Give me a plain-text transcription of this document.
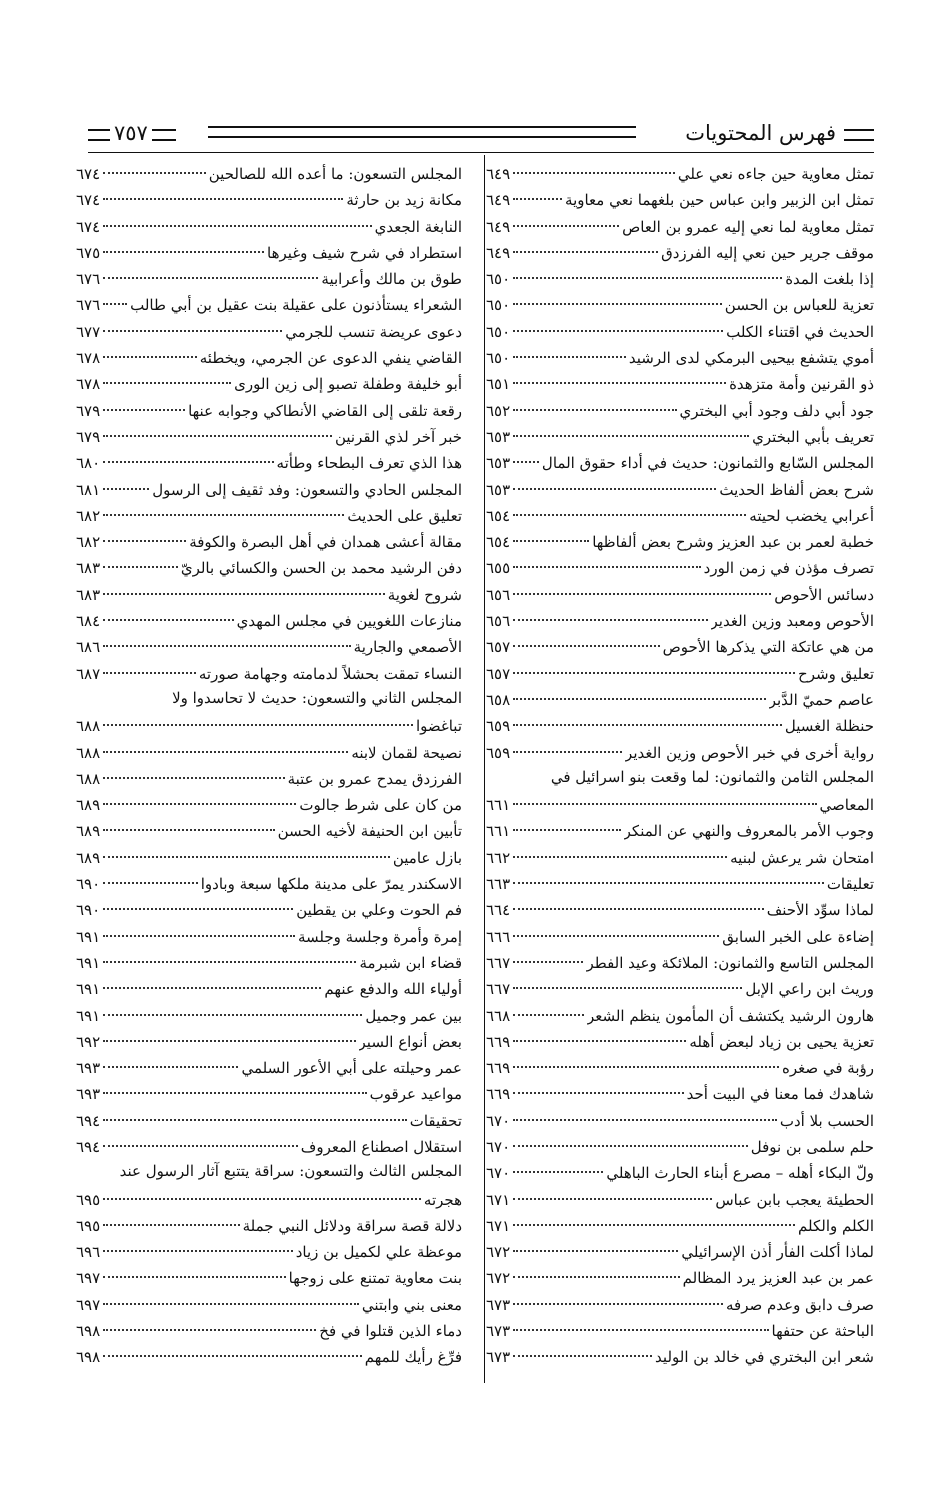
فهرس المحتويات
٧٥٧
تمثل معاوية حين جاءه نعي علي
٦٤٩
تمثل ابن الزبير وابن عباس حين بلغهما نعي معاوية
٦٤٩
تمثل معاوية لما نعي إليه عمرو بن العاص
٦٤٩
موقف جرير حين نعي إليه الفرزدق
٦٤٩
إذا بلغت المدة
٦٥٠
تعزية للعباس بن الحسن
٦٥٠
الحديث في اقتناء الكلب
٦٥٠
أموي يتشفع بيحيى البرمكي لدى الرشيد
٦٥٠
ذو القرنين وأمة متزهدة
٦٥١
جود أبي دلف وجود أبي البختري
٦٥٢
تعريف بأبي البختري
٦٥٣
المجلس السّابع والثمانون: حديث في أداء حقوق المال
٦٥٣
شرح بعض ألفاظ الحديث
٦٥٣
أعرابي يخضب لحيته
٦٥٤
خطبة لعمر بن عبد العزيز وشرح بعض ألفاظها
٦٥٤
تصرف مؤذن في زمن الورد
٦٥٥
دسائس الأحوص
٦٥٦
الأحوص ومعبد وزين الغدير
٦٥٦
من هي عاتكة التي يذكرها الأحوص
٦٥٧
تعليق وشرح
٦٥٧
عاصم حميّ الدَّبر
٦٥٨
حنظلة الغسيل
٦٥٩
رواية أخرى في خبر الأحوص وزين الغدير
٦٥٩
المجلس الثامن والثمانون: لما وقعت بنو اسرائيل في
المعاصي
٦٦١
وجوب الأمر بالمعروف والنهي عن المنكر
٦٦١
امتحان شر يرعش لبنيه
٦٦٢
تعليقات
٦٦٣
لماذا سوِّد الأحنف
٦٦٤
إضاءة على الخبر السابق
٦٦٦
المجلس التاسع والثمانون: الملائكة وعيد الفطر
٦٦٧
وريث ابن راعي الإبل
٦٦٧
هارون الرشيد يكتشف أن المأمون ينظم الشعر
٦٦٨
تعزية يحيى بن زياد لبعض أهله
٦٦٩
رؤبة في صغره
٦٦٩
شاهدك فما معنا في البيت أحد
٦٦٩
الحسب بلا أدب
٦٧٠
حلم سلمى بن نوفل
٦٧٠
ولّ البكاء أهله – مصرع أبناء الحارث الباهلي
٦٧٠
الحطيئة يعجب بابن عباس
٦٧١
الكلم والكلم
٦٧١
لماذا أكلت الفأر أذن الإسرائيلي
٦٧٢
عمر بن عبد العزيز يرد المظالم
٦٧٢
صرف دابق وعدم صرفه
٦٧٣
الباحثة عن حتفها
٦٧٣
شعر ابن البختري في خالد بن الوليد
٦٧٣
المجلس التسعون: ما أعده الله للصالحين
٦٧٤
مكانة زيد بن حارثة
٦٧٤
النابغة الجعدي
٦٧٤
استطراد في شرح شيف وغيرها
٦٧٥
طوق بن مالك وأعرابية
٦٧٦
الشعراء يستأذنون على عقيلة بنت عقيل بن أبي طالب
٦٧٦
دعوى عريضة تنسب للجرمي
٦٧٧
القاضي ينفي الدعوى عن الجرمي، ويخطئه
٦٧٨
أبو خليفة وطفلة تصبو إلى زين الورى
٦٧٨
رقعة تلقى إلى القاضي الأنطاكي وجوابه عنها
٦٧٩
خبر آخر لذي القرنين
٦٧٩
هذا الذي تعرف البطحاء وطأته
٦٨٠
المجلس الحادي والتسعون: وفد ثقيف إلى الرسول
٦٨١
تعليق على الحديث
٦٨٢
مقالة أعشى همدان في أهل البصرة والكوفة
٦٨٢
دفن الرشيد محمد بن الحسن والكسائي بالريّ
٦٨٣
شروح لغوية
٦٨٣
منازعات اللغويين في مجلس المهدي
٦٨٤
الأصمعي والجارية
٦٨٦
النساء تمقت بحشلاً لدمامته وجهامة صورته
٦٨٧
المجلس الثاني والتسعون: حديث لا تحاسدوا ولا
تباغضوا
٦٨٨
نصيحة لقمان لابنه
٦٨٨
الفرزدق يمدح عمرو بن عتبة
٦٨٨
من كان على شرط جالوت
٦٨٩
تأبين ابن الحنيفة لأخيه الحسن
٦٨٩
بازل عامين
٦٨٩
الاسكندر يمرّ على مدينة ملكها سبعة وبادوا
٦٩٠
فم الحوت وعلي بن يقطين
٦٩٠
إمرة وأمرة وجلسة وجلسة
٦٩١
قضاء ابن شبرمة
٦٩١
أولياء الله والدفع عنهم
٦٩١
بين عمر وجميل
٦٩١
بعض أنواع السير
٦٩٢
عمر وحيلته على أبي الأعور السلمي
٦٩٣
مواعيد عرقوب
٦٩٣
تحقيقات
٦٩٤
استقلال اصطناع المعروف
٦٩٤
المجلس الثالث والتسعون: سراقة يتتبع آثار الرسول عند
هجرته
٦٩٥
دلالة قصة سراقة ودلائل النبي جملة
٦٩٥
موعظة علي لكميل بن زياد
٦٩٦
بنت معاوية تمتنع على زوجها
٦٩٧
معنى بني وابتني
٦٩٧
دماء الذين قتلوا في فخ
٦٩٨
فرِّغ رأيك للمهم
٦٩٨
